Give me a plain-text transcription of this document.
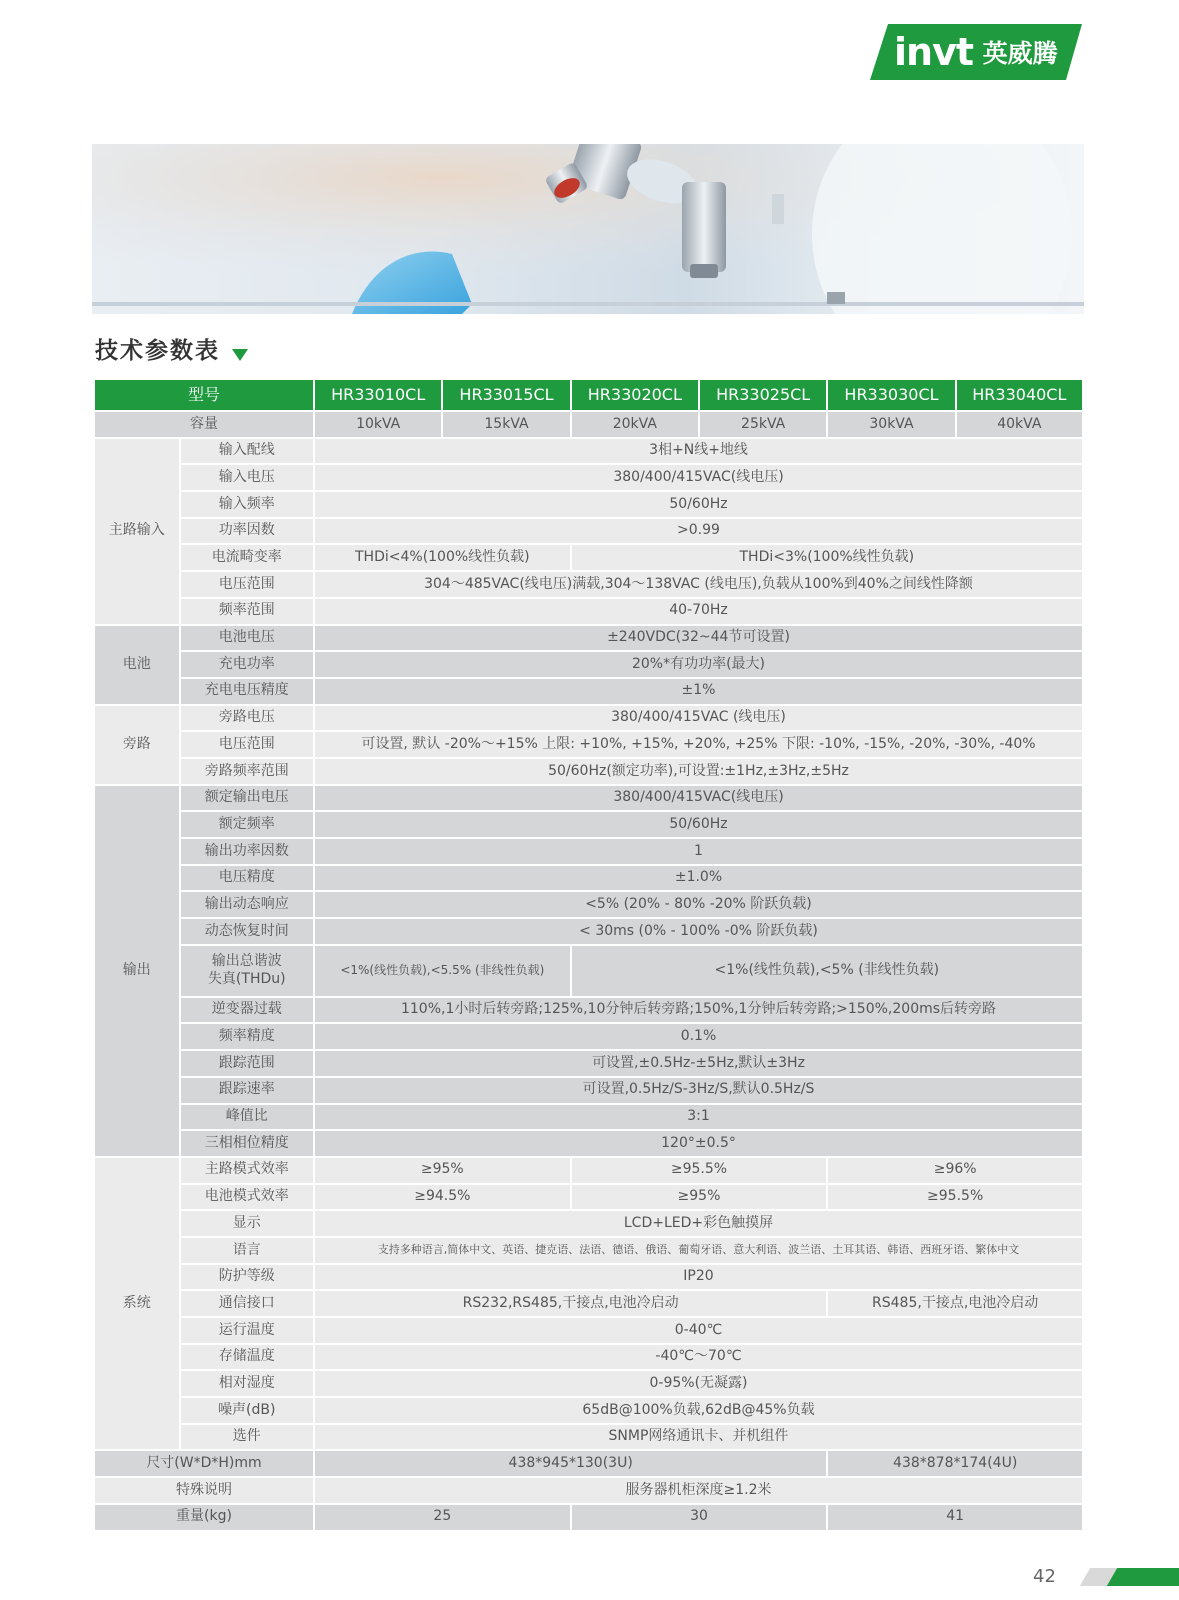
invt 英威腾
技术参数表
型号		HR33010CL	HR33015CL	HR33020CL	HR33025CL	HR33030CL	HR33040CL
容量		10kVA	15kVA	20kVA	25kVA	30kVA	40kVA
主路输入	输入配线	3相+N线+地线					
	输入电压	380/400/415VAC(线电压)					
	输入频率	50/60Hz					
	功率因数	>0.99					
	电流畸变率	THDi<4%(100%线性负载)		THDi<3%(100%线性负载)			
	电压范围	304～485VAC(线电压)满载,304～138VAC (线电压),负载从100%到40%之间线性降额					
	频率范围	40-70Hz					
电池	电池电压	±240VDC(32~44节可设置)					
	充电功率	20%*有功功率(最大)					
	充电电压精度	±1%					
旁路	旁路电压	380/400/415VAC (线电压)					
	电压范围	可设置, 默认 -20%～+15% 上限: +10%, +15%, +20%, +25% 下限: -10%, -15%, -20%, -30%, -40%					
	旁路频率范围	50/60Hz(额定功率),可设置:±1Hz,±3Hz,±5Hz					
输出	额定输出电压	380/400/415VAC(线电压)					
	额定频率	50/60Hz					
	输出功率因数	1					
	电压精度	±1.0%					
	输出动态响应	<5% (20% - 80% -20% 阶跃负载)					
	动态恢复时间	< 30ms (0% - 100% -0% 阶跃负载)					
	输出总谐波
失真(THDu)	<1%(线性负载),<5.5% (非线性负载)		<1%(线性负载),<5% (非线性负载)			
	逆变器过载	110%,1小时后转旁路;125%,10分钟后转旁路;150%,1分钟后转旁路;>150%,200ms后转旁路					
	频率精度	0.1%					
	跟踪范围	可设置,±0.5Hz-±5Hz,默认±3Hz					
	跟踪速率	可设置,0.5Hz/S-3Hz/S,默认0.5Hz/S					
	峰值比	3:1					
	三相相位精度	120°±0.5°					
系统	主路模式效率	≥95%		≥95.5%		≥96%	
	电池模式效率	≥94.5%		≥95%		≥95.5%	
	显示	LCD+LED+彩色触摸屏					
	语言	支持多种语言,简体中文、英语、捷克语、法语、德语、俄语、葡萄牙语、意大利语、波兰语、土耳其语、韩语、西班牙语、繁体中文					
	防护等级	IP20					
	通信接口	RS232,RS485,干接点,电池冷启动				RS485,干接点,电池冷启动	
	运行温度	0-40℃					
	存储温度	-40℃～70℃					
	相对湿度	0-95%(无凝露)					
	噪声(dB)	65dB@100%负载,62dB@45%负载					
	选件	SNMP网络通讯卡、并机组件					
尺寸(W*D*H)mm		438*945*130(3U)				438*878*174(4U)	
特殊说明		服务器机柜深度≥1.2米					
重量(kg)		25		30		41	
42
